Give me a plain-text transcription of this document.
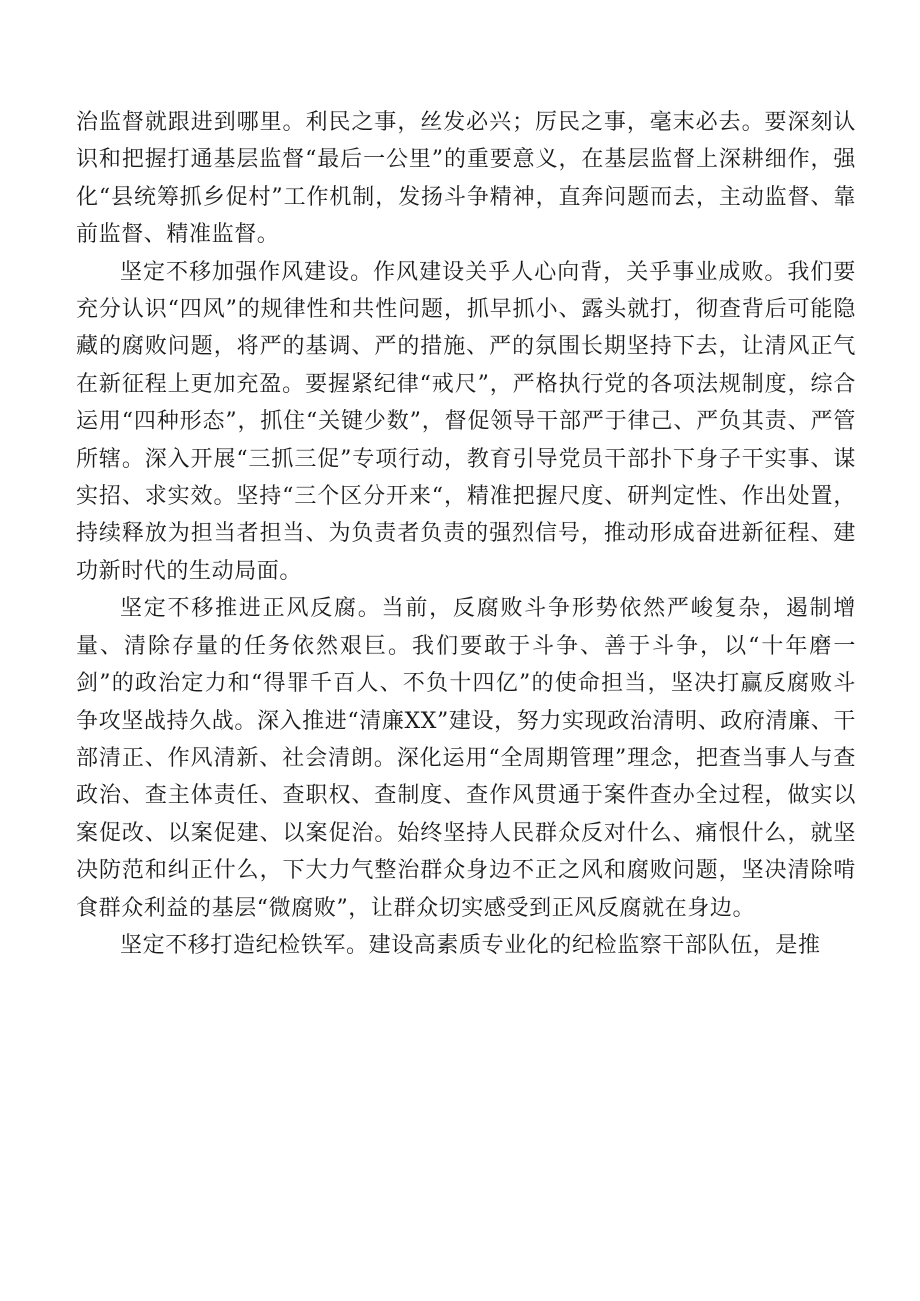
治监督就跟进到哪里。利民之事，丝发必兴；厉民之事，毫末必去。要深刻认识和把握打通基层监督“最后一公里”的重要意义，在基层监督上深耕细作，强化“县统筹抓乡促村”工作机制，发扬斗争精神，直奔问题而去，主动监督、靠前监督、精准监督。

坚定不移加强作风建设。作风建设关乎人心向背，关乎事业成败。我们要充分认识“四风”的规律性和共性问题，抓早抓小、露头就打，彻查背后可能隐藏的腐败问题，将严的基调、严的措施、严的氛围长期坚持下去，让清风正气在新征程上更加充盈。要握紧纪律“戒尺”，严格执行党的各项法规制度，综合运用“四种形态”，抓住“关键少数”，督促领导干部严于律己、严负其责、严管所辖。深入开展“三抓三促”专项行动，教育引导党员干部扑下身子干实事、谋实招、求实效。坚持“三个区分开来“，精准把握尺度、研判定性、作出处置，持续释放为担当者担当、为负责者负责的强烈信号，推动形成奋进新征程、建功新时代的生动局面。

坚定不移推进正风反腐。当前，反腐败斗争形势依然严峻复杂，遏制增量、清除存量的任务依然艰巨。我们要敢于斗争、善于斗争，以“十年磨一剑”的政治定力和“得罪千百人、不负十四亿”的使命担当，坚决打赢反腐败斗争攻坚战持久战。深入推进“清廉XX”建设，努力实现政治清明、政府清廉、干部清正、作风清新、社会清朗。深化运用“全周期管理”理念，把查当事人与查政治、查主体责任、查职权、查制度、查作风贯通于案件查办全过程，做实以案促改、以案促建、以案促治。始终坚持人民群众反对什么、痛恨什么，就坚决防范和纠正什么，下大力气整治群众身边不正之风和腐败问题，坚决清除啃食群众利益的基层“微腐败”，让群众切实感受到正风反腐就在身边。

坚定不移打造纪检铁军。建设高素质专业化的纪检监察干部队伍，是推
